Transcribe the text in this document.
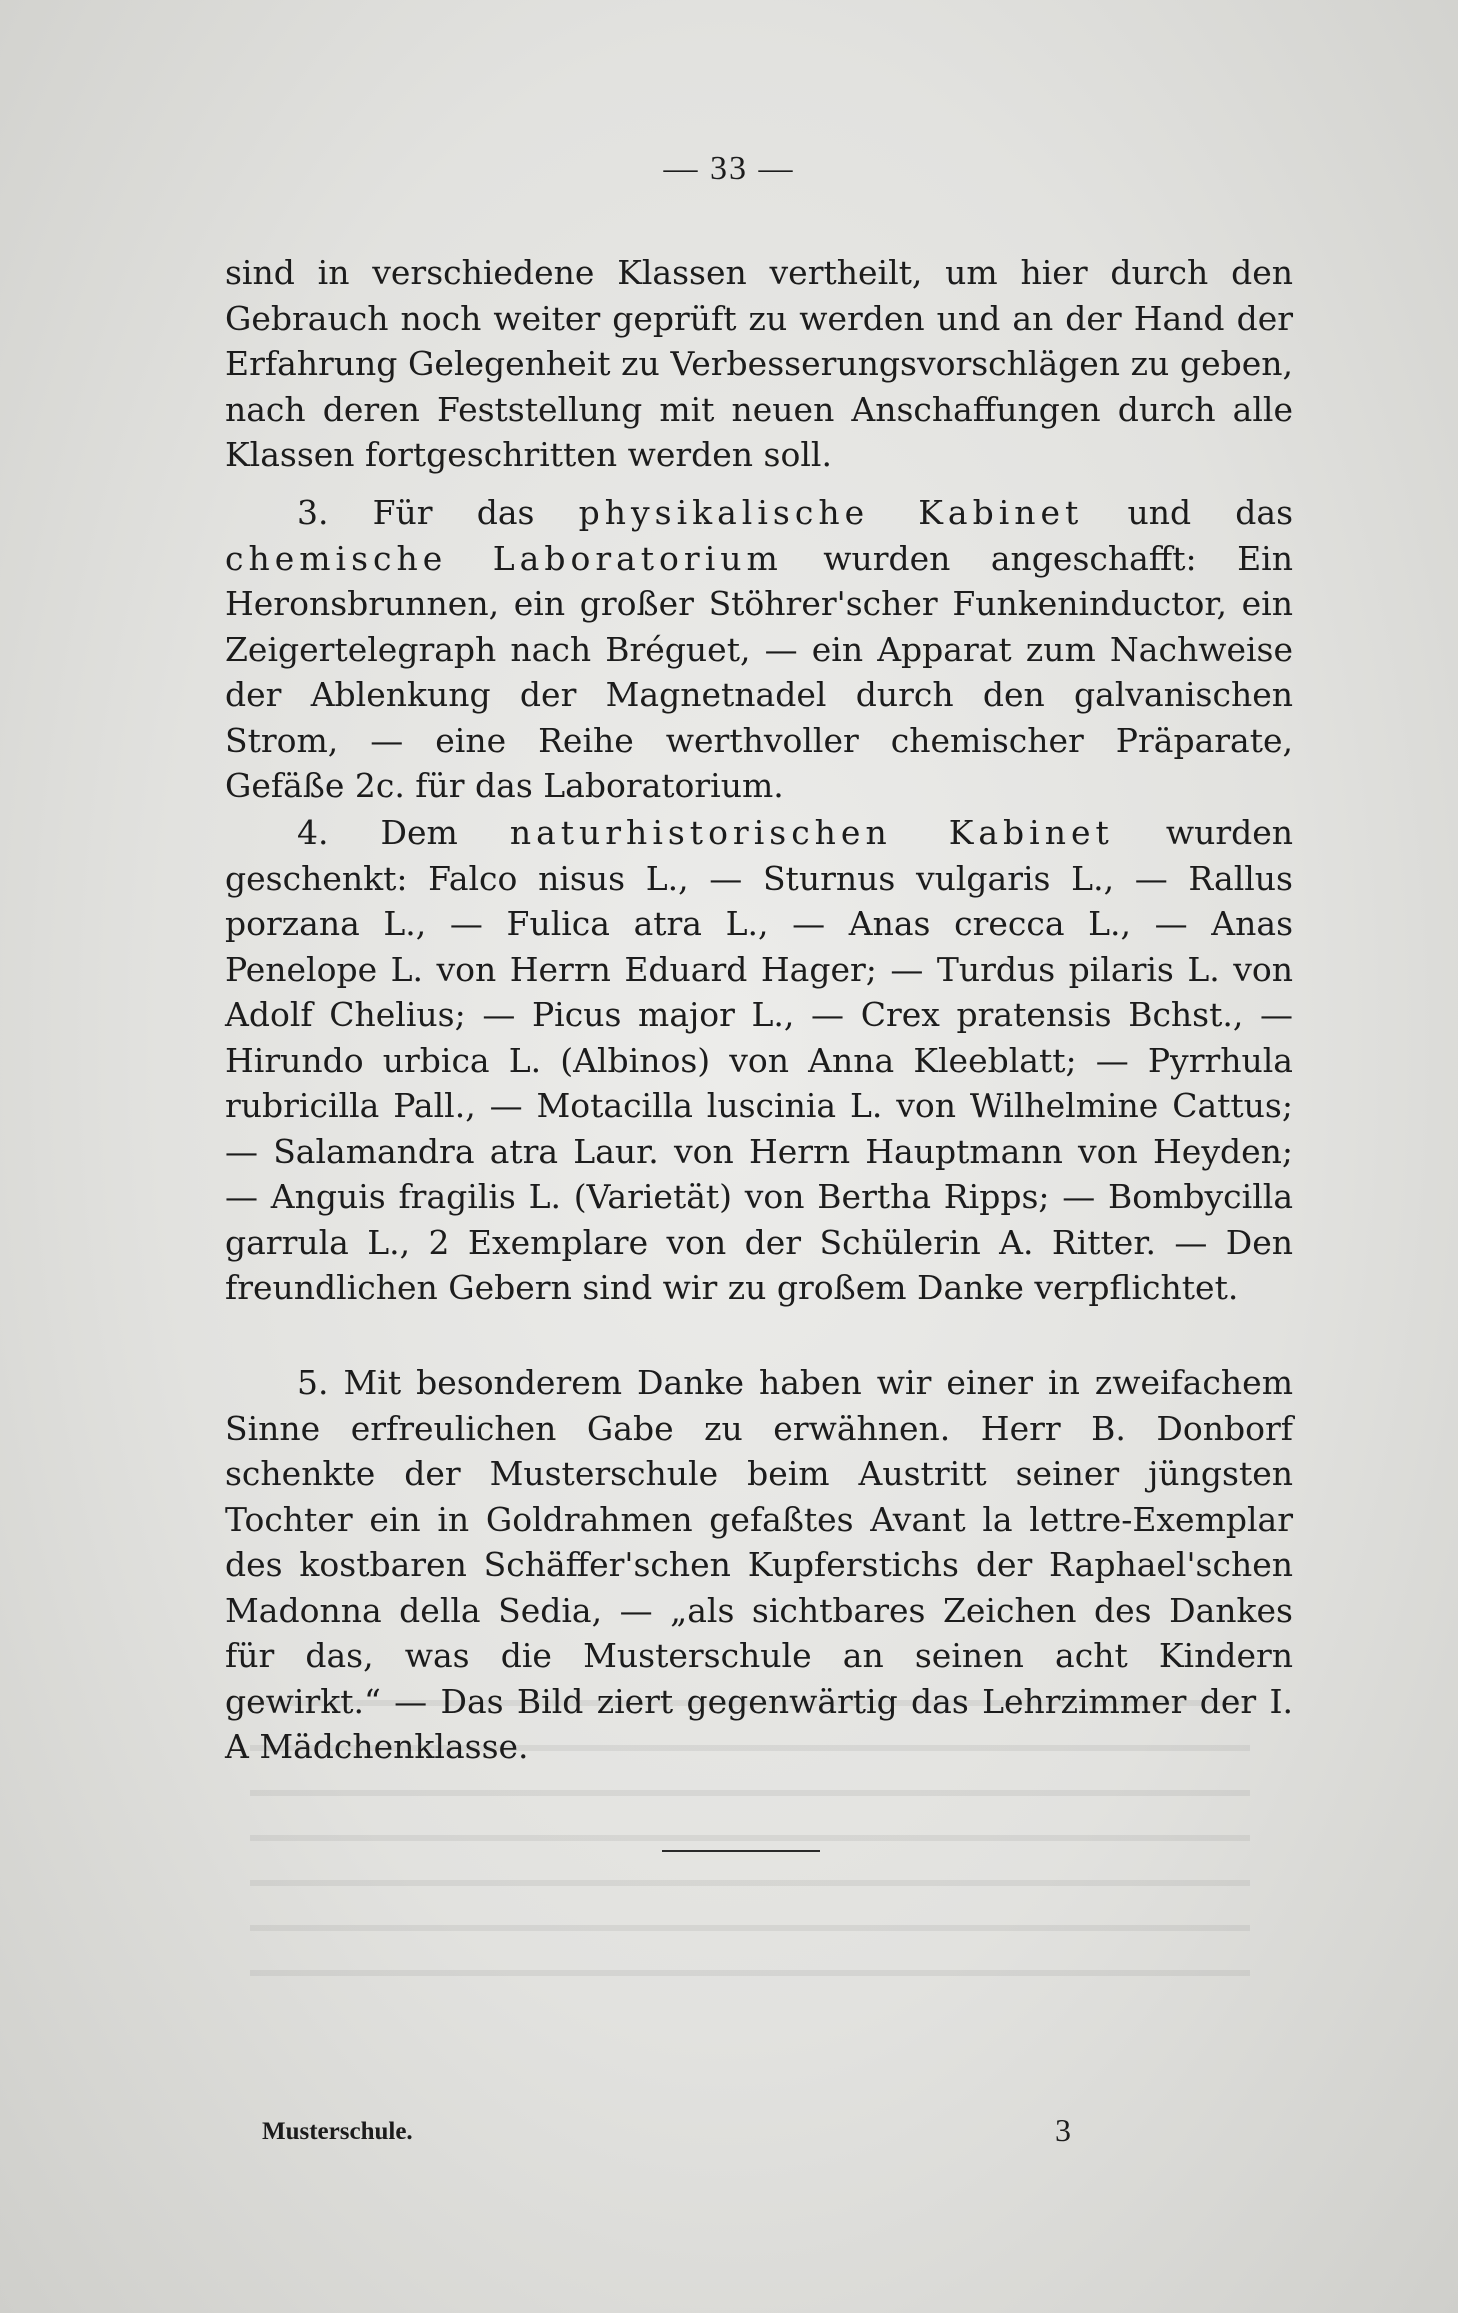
— 33 —

sind in verschiedene Klassen vertheilt, um hier durch den Gebrauch noch weiter geprüft zu werden und an der Hand der Erfahrung Gelegenheit zu Verbesserungsvorschlägen zu geben, nach deren Feststellung mit neuen Anschaffungen durch alle Klassen fortgeschritten werden soll.

3. Für das physikalische Kabinet und das chemische Laboratorium wurden angeschafft: Ein Heronsbrunnen, ein großer Stöhrer'scher Funkeninductor, ein Zeigertelegraph nach Bréguet, — ein Apparat zum Nachweise der Ablenkung der Magnetnadel durch den galvanischen Strom, — eine Reihe werthvoller chemischer Präparate, Gefäße 2c. für das Laboratorium.

4. Dem naturhistorischen Kabinet wurden geschenkt: Falco nisus L., — Sturnus vulgaris L., — Rallus porzana L., — Fulica atra L., — Anas crecca L., — Anas Penelope L. von Herrn Eduard Hager; — Turdus pilaris L. von Adolf Chelius; — Picus major L., — Crex pratensis Bchst., — Hirundo urbica L. (Albinos) von Anna Kleeblatt; — Pyrrhula rubricilla Pall., — Motacilla luscinia L. von Wilhelmine Cattus; — Salamandra atra Laur. von Herrn Hauptmann von Heyden; — Anguis fragilis L. (Varietät) von Bertha Ripps; — Bombycilla garrula L., 2 Exemplare von der Schülerin A. Ritter. — Den freundlichen Gebern sind wir zu großem Danke verpflichtet.

5. Mit besonderem Danke haben wir einer in zweifachem Sinne erfreulichen Gabe zu erwähnen. Herr B. Donborf schenkte der Musterschule beim Austritt seiner jüngsten Tochter ein in Goldrahmen gefaßtes Avant la lettre-Exemplar des kostbaren Schäffer'schen Kupferstichs der Raphael'schen Madonna della Sedia, — „als sichtbares Zeichen des Dankes für das, was die Musterschule an seinen acht Kindern gewirkt.“ — Das Bild ziert gegenwärtig das Lehrzimmer der I. A Mädchenklasse.

Musterschule.	3
